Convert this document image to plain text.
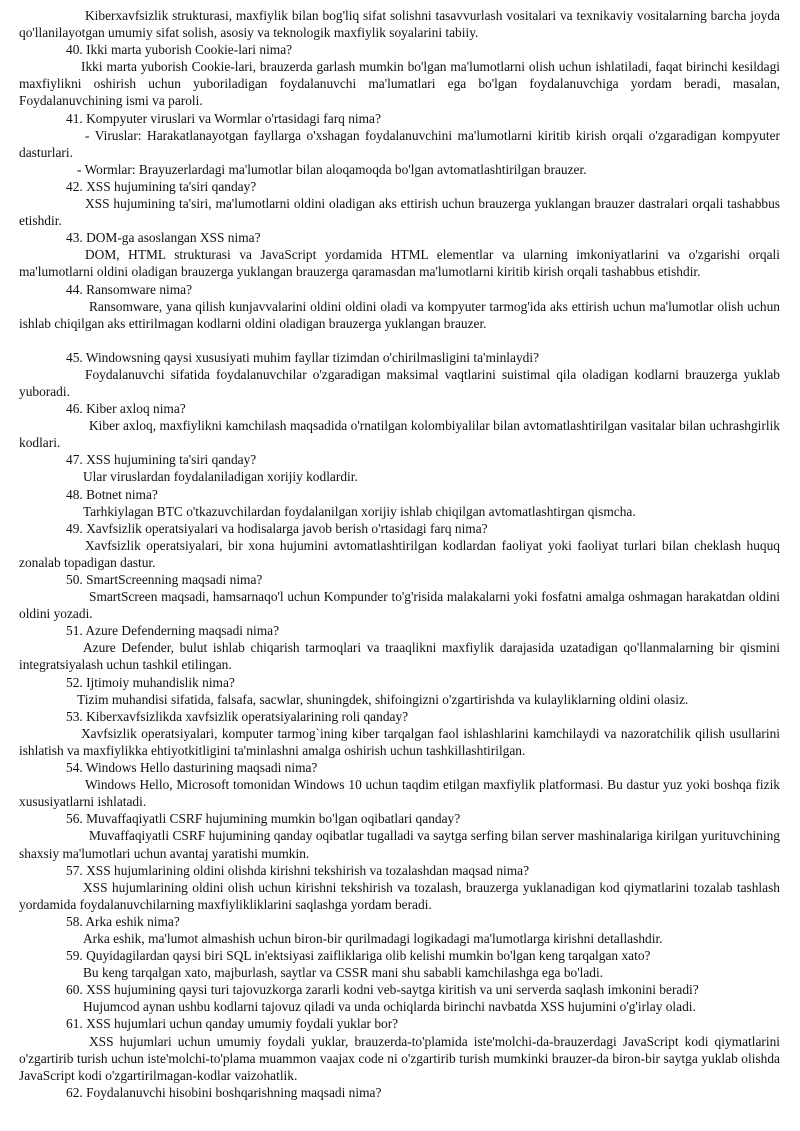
Kiberxavfsizlik strukturasi, maxfiylik bilan bog'liq sifat solishni tasavvurlash vositalari va texnikaviy vositalarning barcha joyda qo'llanilayotgan umumiy sifat solish, asosiy va teknologik maxfiylik soyalarini tabiiy.

40. Ikki marta yuborish Cookie-lari nima?

Ikki marta yuborish Cookie-lari, brauzerda garlash mumkin bo'lgan ma'lumotlarni olish uchun ishlatiladi, faqat birinchi kesildagi maxfiylikni oshirish uchun yuboriladigan foydalanuvchi ma'lumatlari ega bo'lgan foydalanuvchiga yordam beradi, masalan, Foydalanuvchining ismi va paroli.

41. Kompyuter viruslari va Wormlar o'rtasidagi farq nima?

- Viruslar: Harakatlanayotgan fayllarga o'xshagan foydalanuvchini ma'lumotlarni kiritib kirish orqali o'zgaradigan kompyuter dasturlari.

- Wormlar: Brayuzerlardagi ma'lumotlar bilan aloqamoqda bo'lgan avtomatlashtirilgan brauzer.

42. XSS hujumining ta'siri qanday?

XSS hujumining ta'siri, ma'lumotlarni oldini oladigan aks ettirish uchun brauzerga yuklangan brauzer dastralari orqali tashabbus etishdir.

43. DOM-ga asoslangan XSS nima?

DOM, HTML strukturasi va JavaScript yordamida HTML elementlar va ularning imkoniyatlarini va o'zgarishi orqali ma'lumotlarni oldini oladigan brauzerga yuklangan brauzerga qaramasdan ma'lumotlarni kiritib kirish orqali tashabbus etishdir.

44. Ransomware nima?

Ransomware, yana qilish kunjavvalarini oldini oldini oladi va kompyuter tarmog'ida aks ettirish uchun ma'lumotlar olish uchun ishlab chiqilgan aks ettirilmagan kodlarni oldini oladigan brauzerga yuklangan brauzer.

45. Windowsning qaysi xususiyati muhim fayllar tizimdan o'chirilmasligini ta'minlaydi?

Foydalanuvchi sifatida foydalanuvchilar o'zgaradigan maksimal vaqtlarini suistimal qila oladigan kodlarni brauzerga yuklab yuboradi.

46. Kiber axloq nima?

Kiber axloq, maxfiylikni kamchilash maqsadida o'rnatilgan kolombiyalilar bilan avtomatlashtirilgan vasitalar bilan uchrashgirlik kodlari.

47. XSS hujumining ta'siri qanday?

Ular viruslardan foydalaniladigan xorijiy kodlardir.

48. Botnet nima?

Tarhkiylagan BTC o'tkazuvchilardan foydalanilgan xorijiy ishlab chiqilgan avtomatlashtirgan qismcha.

49. Xavfsizlik operatsiyalari va hodisalarga javob berish o'rtasidagi farq nima?

Xavfsizlik operatsiyalari, bir xona hujumini avtomatlashtirilgan kodlardan faoliyat yoki faoliyat turlari bilan cheklash huquq zonalab topadigan dastur.

50. SmartScreenning maqsadi nima?

SmartScreen maqsadi, hamsarnaqo'l uchun Kompunder to'g'risida malakalarni yoki fosfatni amalga oshmagan harakatdan oldini oldini yozadi.

51. Azure Defenderning maqsadi nima?

Azure Defender, bulut ishlab chiqarish tarmoqlari va traaqlikni maxfiylik darajasida uzatadigan qo'llanmalarning bir qismini integratsiyalash uchun tashkil etilingan.

52. Ijtimoiy muhandislik nima?

Tizim muhandisi sifatida, falsafa, sacwlar, shuningdek, shifoingizni o'zgartirishda va kulayliklarning oldini olasiz.

53. Kiberxavfsizlikda xavfsizlik operatsiyalarining roli qanday?

Xavfsizlik operatsiyalari, komputer tarmog`ining kiber tarqalgan faol ishlashlarini kamchilaydi va nazoratchilik qilish usullarini ishlatish va maxfiylikka ehtiyotkitligini ta'minlashni amalga oshirish uchun tashkillashtirilgan.

54. Windows Hello dasturining maqsadi nima?

Windows Hello, Microsoft tomonidan Windows 10 uchun taqdim etilgan maxfiylik platformasi. Bu dastur yuz yoki boshqa fizik xususiyatlarni ishlatadi.

56. Muvaffaqiyatli CSRF hujumining mumkin bo'lgan oqibatlari qanday?

Muvaffaqiyatli CSRF hujumining qanday oqibatlar tugalladi va saytga serfing bilan server mashinalariga kirilgan yurituvchining shaxsiy ma'lumotlari uchun avantaj yaratishi mumkin.

57. XSS hujumlarining oldini olishda kirishni tekshirish va tozalashdan maqsad nima?

XSS hujumlarining oldini olish uchun kirishni tekshirish va tozalash, brauzerga yuklanadigan kod qiymatlarini tozalab tashlash yordamida foydalanuvchilarning maxfiylikliklarini saqlashga yordam beradi.

58. Arka eshik nima?

Arka eshik, ma'lumot almashish uchun biron-bir qurilmadagi logikadagi ma'lumotlarga kirishni detallashdir.

59. Quyidagilardan qaysi biri SQL in'ektsiyasi zaifliklariga olib kelishi mumkin bo'lgan keng tarqalgan xato?

Bu keng tarqalgan xato, majburlash, saytlar va CSSR mani shu sababli kamchilashga ega bo'ladi.

60. XSS hujumining qaysi turi tajovuzkorga zararli kodni veb-saytga kiritish va uni serverda saqlash imkonini beradi?

Hujumcod aynan ushbu kodlarni tajovuz qiladi va unda ochiqlarda birinchi navbatda XSS hujumini o'g'irlay oladi.

61. XSS hujumlari uchun qanday umumiy foydali yuklar bor?

XSS hujumlari uchun umumiy foydali yuklar, brauzerda-to'plamida iste'molchi-da-brauzerdagi JavaScript kodi qiymatlarini o'zgartirib turish uchun iste'molchi-to'plama muammon vaajax code ni o'zgartirib turish mumkinki brauzer-da biron-bir saytga yuklab olishda JavaScript kodi o'zgartirilmagan-kodlar vaizohatlik.

62. Foydalanuvchi hisobini boshqarishning maqsadi nima?
